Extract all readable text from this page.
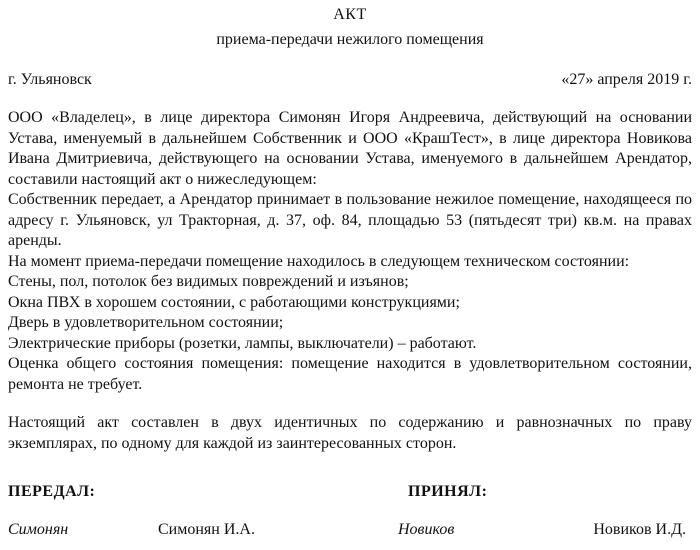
АКТ
приема-передачи нежилого помещения
г. Ульяновск	«27» апреля 2019 г.

ООО «Владелец», в лице директора Симонян Игоря Андреевича, действующий на основании Устава, именуемый в дальнейшем Собственник и ООО «КрашТест», в лице директора Новикова Ивана Дмитриевича, действующего на основании Устава, именуемого в дальнейшем Арендатор, составили настоящий акт о нижеследующем:

Собственник передает, а Арендатор принимает в пользование нежилое помещение, находящееся по адресу г. Ульяновск, ул Тракторная, д. 37, оф. 84, площадью 53 (пятьдесят три) кв.м. на правах аренды.

На момент приема-передачи помещение находилось в следующем техническом состоянии:

Стены, пол, потолок без видимых повреждений и изъянов;

Окна ПВХ в хорошем состоянии, с работающими конструкциями;

Дверь в удовлетворительном состоянии;

Электрические приборы (розетки, лампы, выключатели) – работают.

Оценка общего состояния помещения: помещение находится в удовлетворительном состоянии, ремонта не требует.

Настоящий акт составлен в двух идентичных по содержанию и равнозначных по праву экземплярах, по одному для каждой из заинтересованных сторон.

ПЕРЕДАЛ:	ПРИНЯЛ:
Симонян	Симонян И.А.	Новиков	Новиков И.Д.
